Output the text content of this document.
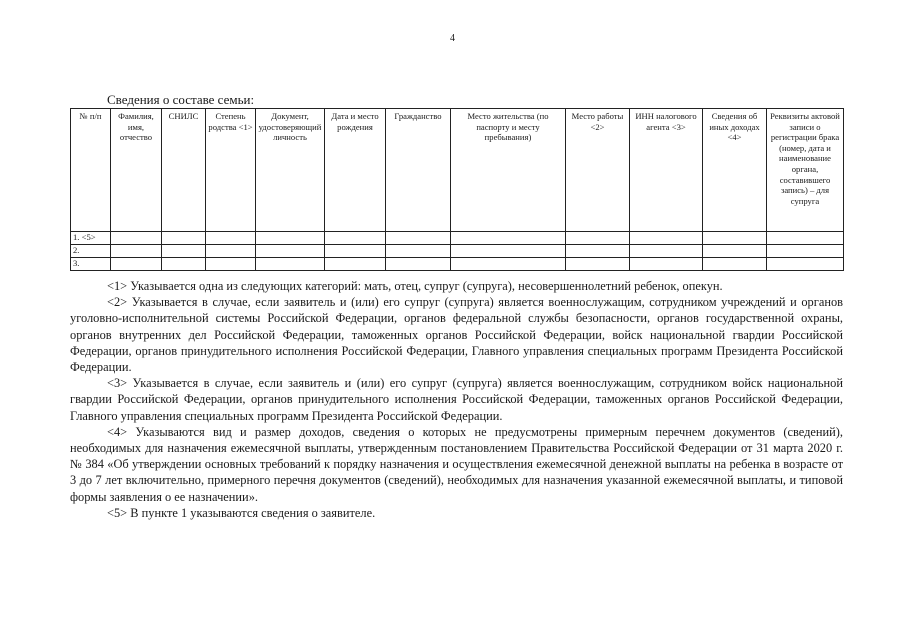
4
Сведения о составе семьи:
№ п/п	Фамилия, имя, отчество	СНИЛС	Степень родства <1>	Документ, удостоверяющий личность	Дата и место рождения	Гражданство	Место жительства (по паспорту и месту пребывания)	Место работы <2>	ИНН налогового агента <3>	Сведения об иных доходах <4>	Реквизиты актовой записи о регистрации брака (номер, дата и наименование органа, составившего запись) – для супруга
1. <5>											
2.											
3.											

<1> Указывается одна из следующих категорий: мать, отец, супруг (супруга), несовершеннолетний ребенок, опекун.

<2> Указывается в случае, если заявитель и (или) его супруг (супруга) является военнослужащим, сотрудником учреждений и органов уголовно-исполнительной системы Российской Федерации, органов федеральной службы безопасности, органов государственной охраны, органов внутренних дел Российской Федерации, таможенных органов Российской Федерации, войск национальной гвардии Российской Федерации, органов принудительного исполнения Российской Федерации, Главного управления специальных программ Президента Российской Федерации.

<3> Указывается в случае, если заявитель и (или) его супруг (супруга) является военнослужащим, сотрудником войск национальной гвардии Российской Федерации, органов принудительного исполнения Российской Федерации, таможенных органов Российской Федерации, Главного управления специальных программ Президента Российской Федерации.

<4> Указываются вид и размер доходов, сведения о которых не предусмотрены примерным перечнем документов (сведений), необходимых для назначения ежемесячной выплаты, утвержденным постановлением Правительства Российской Федерации от 31 марта 2020 г. № 384 «Об утверждении основных требований к порядку назначения и осуществления ежемесячной денежной выплаты на ребенка в возрасте от 3 до 7 лет включительно, примерного перечня документов (сведений), необходимых для назначения указанной ежемесячной выплаты, и типовой формы заявления о ее назначении».

<5> В пункте 1 указываются сведения о заявителе.
